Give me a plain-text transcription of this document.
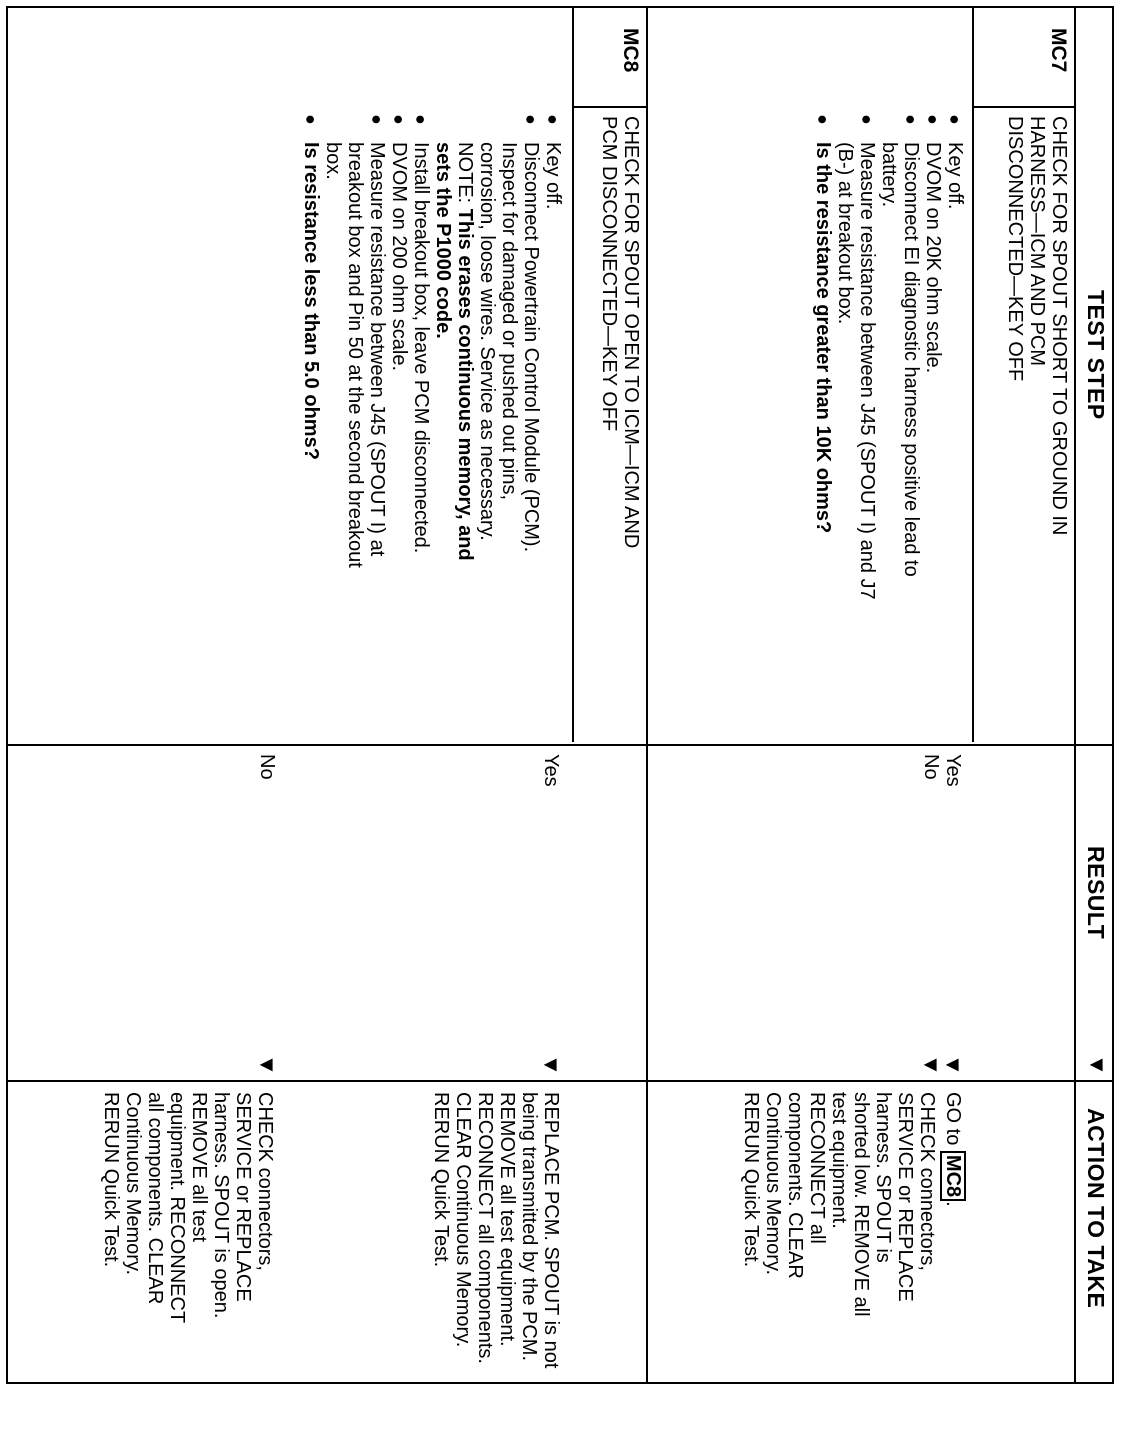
TEST STEP
RESULT
▼
ACTION TO TAKE
MC7
CHECK FOR SPOUT SHORT TO GROUND IN
HARNESS—ICM AND PCM
DISCONNECTED—KEY OFF
● Key off.
● DVOM on 20K ohm scale.
● Disconnect EI diagnostic harness positive lead to battery.
● Measure resistance between J45 (SPOUT I) and J7 (B-) at breakout box.
● Is the resistance greater than 10K ohms?
Yes
No
▼
▼
GO to MC8.
CHECK connectors, SERVICE or REPLACE harness. SPOUT is shorted low. REMOVE all test equipment. RECONNECT all components. CLEAR Continuous Memory. RERUN Quick Test.
MC8
CHECK FOR SPOUT OPEN TO ICM—ICM AND
PCM DISCONNECTED—KEY OFF
● Key off.
● Disconnect Powertrain Control Module (PCM). Inspect for damaged or pushed out pins, corrosion, loose wires. Service as necessary.
NOTE: This erases continuous memory, and sets the P1000 code.
● Install breakout box, leave PCM disconnected.
● DVOM on 200 ohm scale.
● Measure resistance between J45 (SPOUT I) at breakout box and Pin 50 at the second breakout box.
● Is resistance less than 5.0 ohms?
Yes
No
▼
▼
REPLACE PCM. SPOUT is not being transmitted by the PCM. REMOVE all test equipment. RECONNECT all components. CLEAR Continuous Memory. RERUN Quick Test.
CHECK connectors, SERVICE or REPLACE harness. SPOUT is open. REMOVE all test equipment. RECONNECT all components. CLEAR Continuous Memory. RERUN Quick Test.
